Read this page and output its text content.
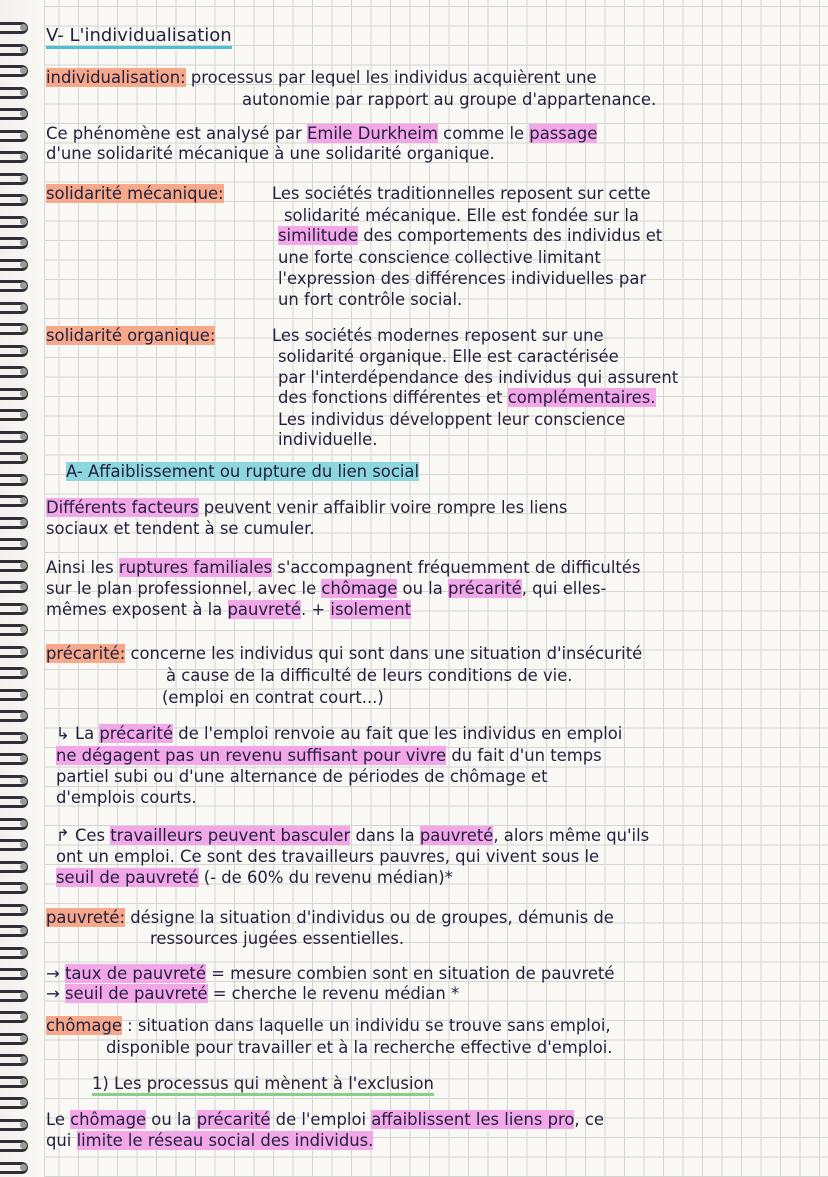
V- L'individualisation
individualisation: processus par lequel les individus acquièrent une
autonomie par rapport au groupe d'appartenance.
Ce phénomène est analysé par Emile Durkheim comme le passage
d'une solidarité mécanique à une solidarité organique.
solidarité mécanique:	Les sociétés traditionnelles reposent sur cette
solidarité mécanique. Elle est fondée sur la
similitude des comportements des individus et
une forte conscience collective limitant
l'expression des différences individuelles par
un fort contrôle social.
solidarité organique:	Les sociétés modernes reposent sur une
solidarité organique. Elle est caractérisée
par l'interdépendance des individus qui assurent
des fonctions différentes et complémentaires.
Les individus développent leur conscience
individuelle.
A- Affaiblissement ou rupture du lien social
Différents facteurs peuvent venir affaiblir voire rompre les liens
sociaux et tendent à se cumuler.
Ainsi les ruptures familiales s'accompagnent fréquemment de difficultés
sur le plan professionnel, avec le chômage ou la précarité, qui elles-
mêmes exposent à la pauvreté. + isolement
précarité: concerne les individus qui sont dans une situation d'insécurité
à cause de la difficulté de leurs conditions de vie.
(emploi en contrat court...)
↳ La précarité de l'emploi renvoie au fait que les individus en emploi
ne dégagent pas un revenu suffisant pour vivre du fait d'un temps
partiel subi ou d'une alternance de périodes de chômage et
d'emplois courts.
↱ Ces travailleurs peuvent basculer dans la pauvreté, alors même qu'ils
ont un emploi. Ce sont des travailleurs pauvres, qui vivent sous le
seuil de pauvreté (- de 60% du revenu médian)*
pauvreté: désigne la situation d'individus ou de groupes, démunis de
ressources jugées essentielles.
→ taux de pauvreté = mesure combien sont en situation de pauvreté
→ seuil de pauvreté = cherche le revenu médian *
chômage : situation dans laquelle un individu se trouve sans emploi,
disponible pour travailler et à la recherche effective d'emploi.
1) Les processus qui mènent à l'exclusion
Le chômage ou la précarité de l'emploi affaiblissent les liens pro, ce
qui limite le réseau social des individus.
